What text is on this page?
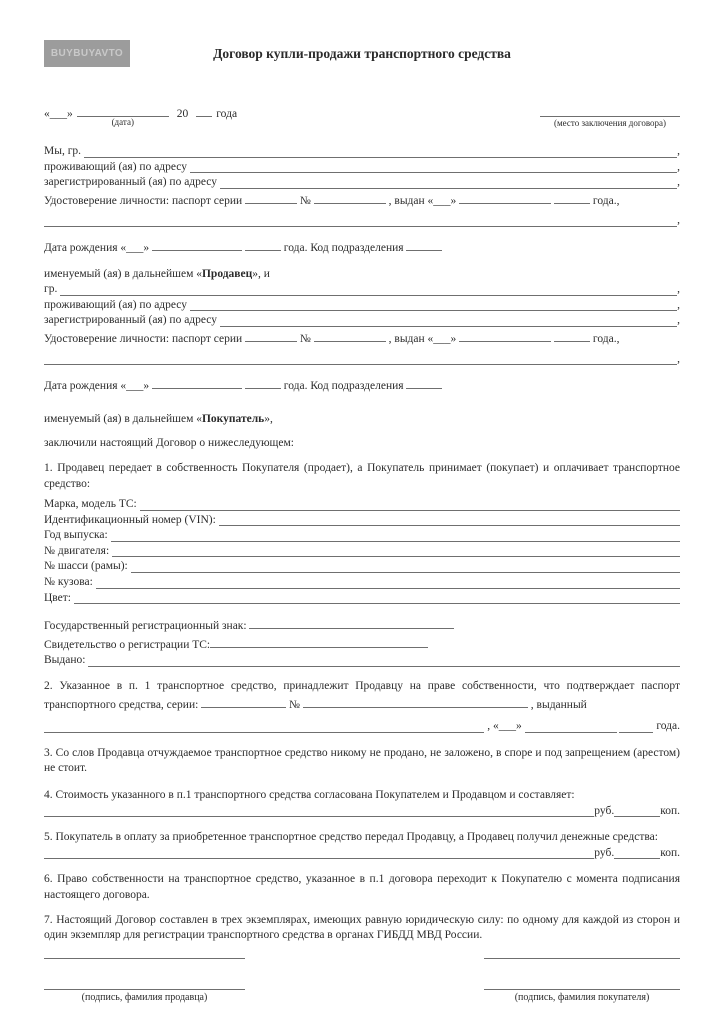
BUYBUYAVTO	Договор купли-продажи транспортного средства
«___»
(дата)
20 года
(место заключения договора)
Мы, гр.	,
проживающий (ая) по адресу	,
зарегистрированный (ая) по адресу	,
Удостоверение личности: паспорт серии	№	, выдан «___»	года.,
,
Дата рождения «___»	года. Код подразделения
именуемый (ая) в дальнейшем «Продавец», и
гр.	,
проживающий (ая) по адресу	,
зарегистрированный (ая) по адресу	,
Удостоверение личности: паспорт серии	№	, выдан «___»	года.,
,
Дата рождения «___»	года. Код подразделения
именуемый (ая) в дальнейшем «Покупатель»,
заключили настоящий Договор о нижеследующем:

1. Продавец передает в собственность Покупателя (продает), а Покупатель принимает (покупает) и оплачивает транспортное средство:

Марка, модель ТС:
Идентификационный номер (VIN):
Год выпуска:
№ двигателя:
№ шасси (рамы):
№ кузова:
Цвет:
Государственный регистрационный знак:
Свидетельство о регистрации ТС:
Выдано:

2. Указанное в п. 1 транспортное средство, принадлежит Продавцу на праве собственности, что подтверждает паспорт транспортного средства, серии:	№	, выданный

, «___»
	года.

3. Со слов Продавца отчуждаемое транспортное средство никому не продано, не заложено, в споре и под запрещением (арестом) не стоит.

4. Стоимость указанного в п.1 транспортного средства согласована Покупателем и Продавцом и составляет:

руб.	коп.

5. Покупатель в оплату за приобретенное транспортное средство передал Продавцу, а Продавец получил денежные средства:

руб.	коп.

6. Право собственности на транспортное средство, указанное в п.1 договора переходит к Покупателю с момента подписания настоящего договора.

7. Настоящий Договор составлен в трех экземплярах, имеющих равную юридическую силу: по одному для каждой из сторон и один экземпляр для регистрации транспортного средства в органах ГИБДД МВД России.

(подпись, фамилия продавца)	(подпись, фамилия покупателя)
